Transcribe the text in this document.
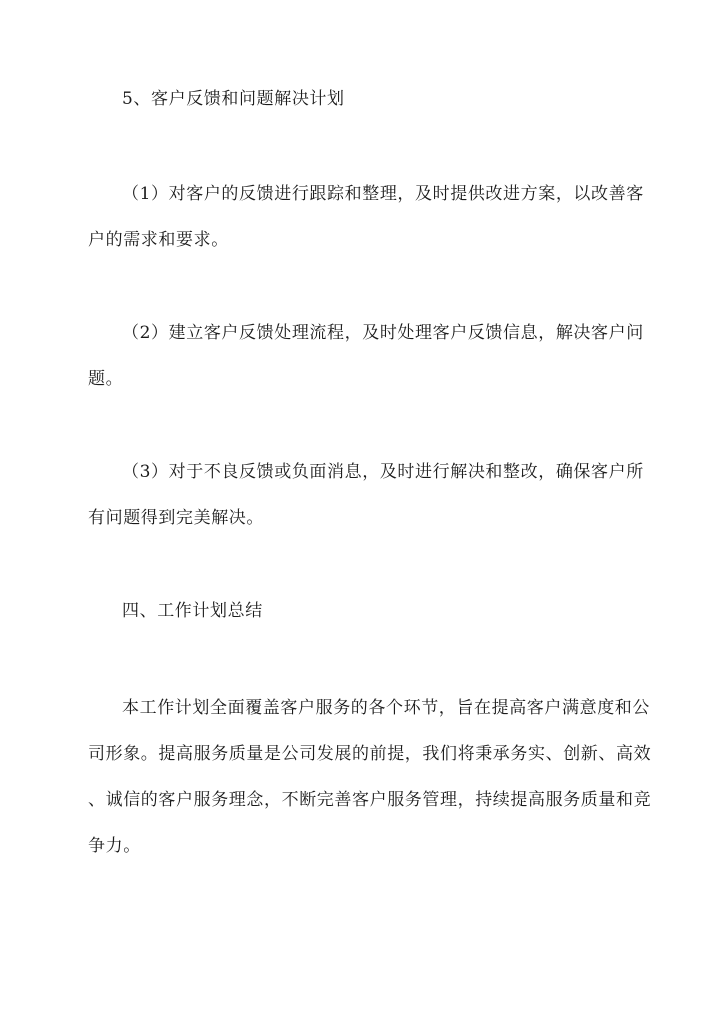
5、客户反馈和问题解决计划
（1）对客户的反馈进行跟踪和整理，及时提供改进方案，以改善客
户的需求和要求。
（2）建立客户反馈处理流程，及时处理客户反馈信息，解决客户问
题。
（3）对于不良反馈或负面消息，及时进行解决和整改，确保客户所
有问题得到完美解决。
四、工作计划总结
本工作计划全面覆盖客户服务的各个环节，旨在提高客户满意度和公
司形象。提高服务质量是公司发展的前提，我们将秉承务实、创新、高效
、诚信的客户服务理念，不断完善客户服务管理，持续提高服务质量和竞
争力。
